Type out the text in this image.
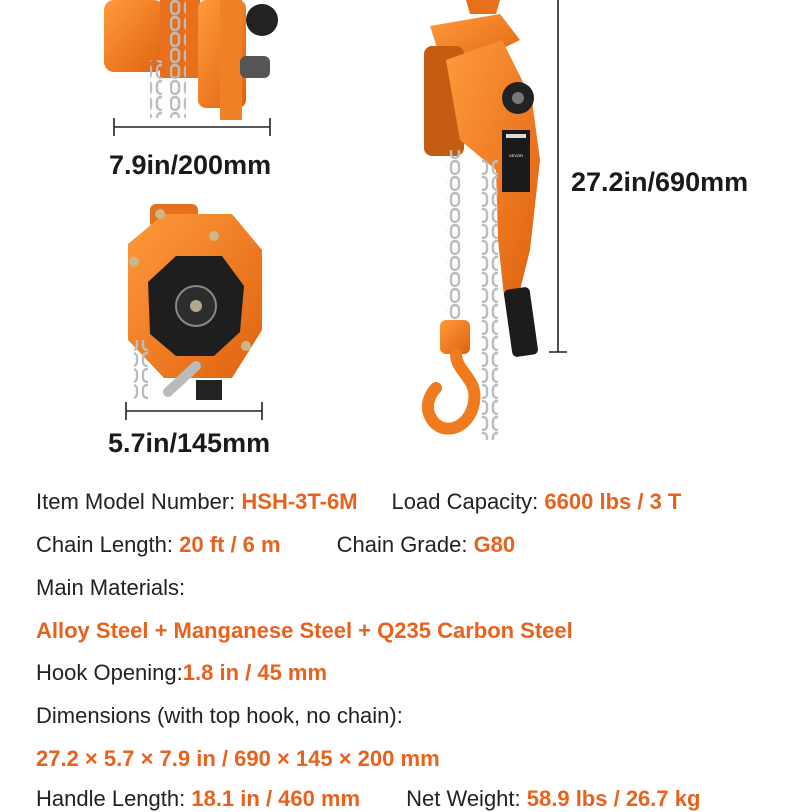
VEVOR
7.9in/200mm
5.7in/145mm
27.2in/690mm
Item Model Number: HSH-3T-6M Load Capacity: 6600 lbs / 3 T
Chain Length: 20 ft / 6 m	Chain Grade: G80
Main Materials:
Alloy Steel + Manganese Steel + Q235 Carbon Steel
Hook Opening:1.8 in / 45 mm
Dimensions (with top hook, no chain):
27.2 × 5.7 × 7.9 in / 690 × 145 × 200 mm
Handle Length: 18.1 in / 460 mm Net Weight: 58.9 lbs / 26.7 kg
